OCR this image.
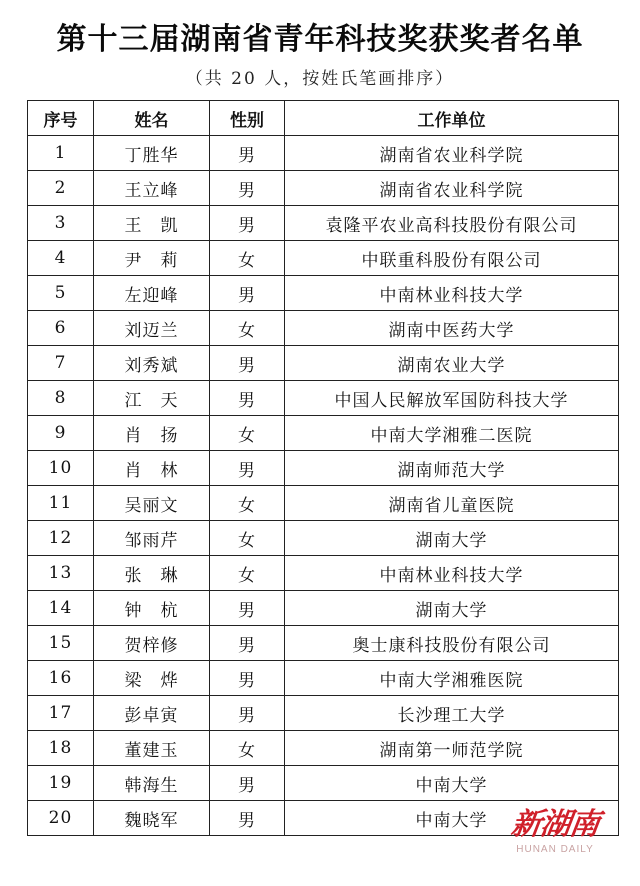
第十三届湖南省青年科技奖获奖者名单
（共 20 人，按姓氏笔画排序）
序号	姓名	性别	工作单位
1	丁胜华	男	湖南省农业科学院
2	王立峰	男	湖南省农业科学院
3	王　凯	男	袁隆平农业高科技股份有限公司
4	尹　莉	女	中联重科股份有限公司
5	左迎峰	男	中南林业科技大学
6	刘迈兰	女	湖南中医药大学
7	刘秀斌	男	湖南农业大学
8	江　天	男	中国人民解放军国防科技大学
9	肖　扬	女	中南大学湘雅二医院
10	肖　林	男	湖南师范大学
11	吴丽文	女	湖南省儿童医院
12	邹雨芹	女	湖南大学
13	张　琳	女	中南林业科技大学
14	钟　杭	男	湖南大学
15	贺梓修	男	奥士康科技股份有限公司
16	梁　烨	男	中南大学湘雅医院
17	彭卓寅	男	长沙理工大学
18	董建玉	女	湖南第一师范学院
19	韩海生	男	中南大学
20	魏晓军	男	中南大学 新湖南
HUNAN DAILY
